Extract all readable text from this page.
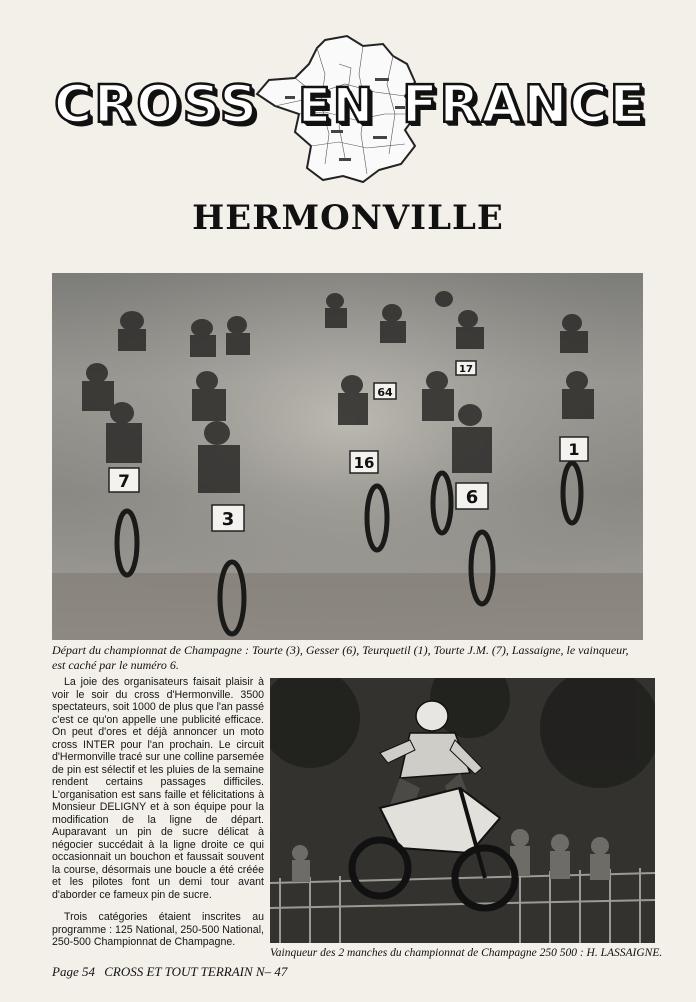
CROSS EN FRANCE
HERMONVILLE
7
3
16
6
1
64
17
Départ du championnat de Champagne : Tourte (3), Gesser (6), Teurquetil (1), Tourte J.M. (7), Lassaigne, le vainqueur, est caché par le numéro 6.

La joie des organisateurs faisait plaisir à voir le soir du cross d'Hermonville. 3500 spectateurs, soit 1000 de plus que l'an passé c'est ce qu'on appelle une publicité efficace. On peut d'ores et déjà annoncer un moto cross INTER pour l'an prochain. Le circuit d'Hermonville tracé sur une colline parsemée de pin est sélectif et les pluies de la semaine rendent certains passages difficiles. L'organisation est sans faille et félicitations à Monsieur DELIGNY et à son équipe pour la modification de la ligne de départ. Auparavant un pin de sucre délicat à négocier succédait à la ligne droite ce qui occasionnait un bouchon et faussait souvent la course, désormais une boucle a été créée et les pilotes font un demi tour avant d'aborder ce fameux pin de sucre.

Trois catégories étaient inscrites au programme : 125 National, 250-500 National, 250-500 Championnat de Champagne.

Vainqueur des 2 manches du championnat de Champagne 250 500 : H. LASSAIGNE.
Page 54 CROSS ET TOUT TERRAIN N– 47
